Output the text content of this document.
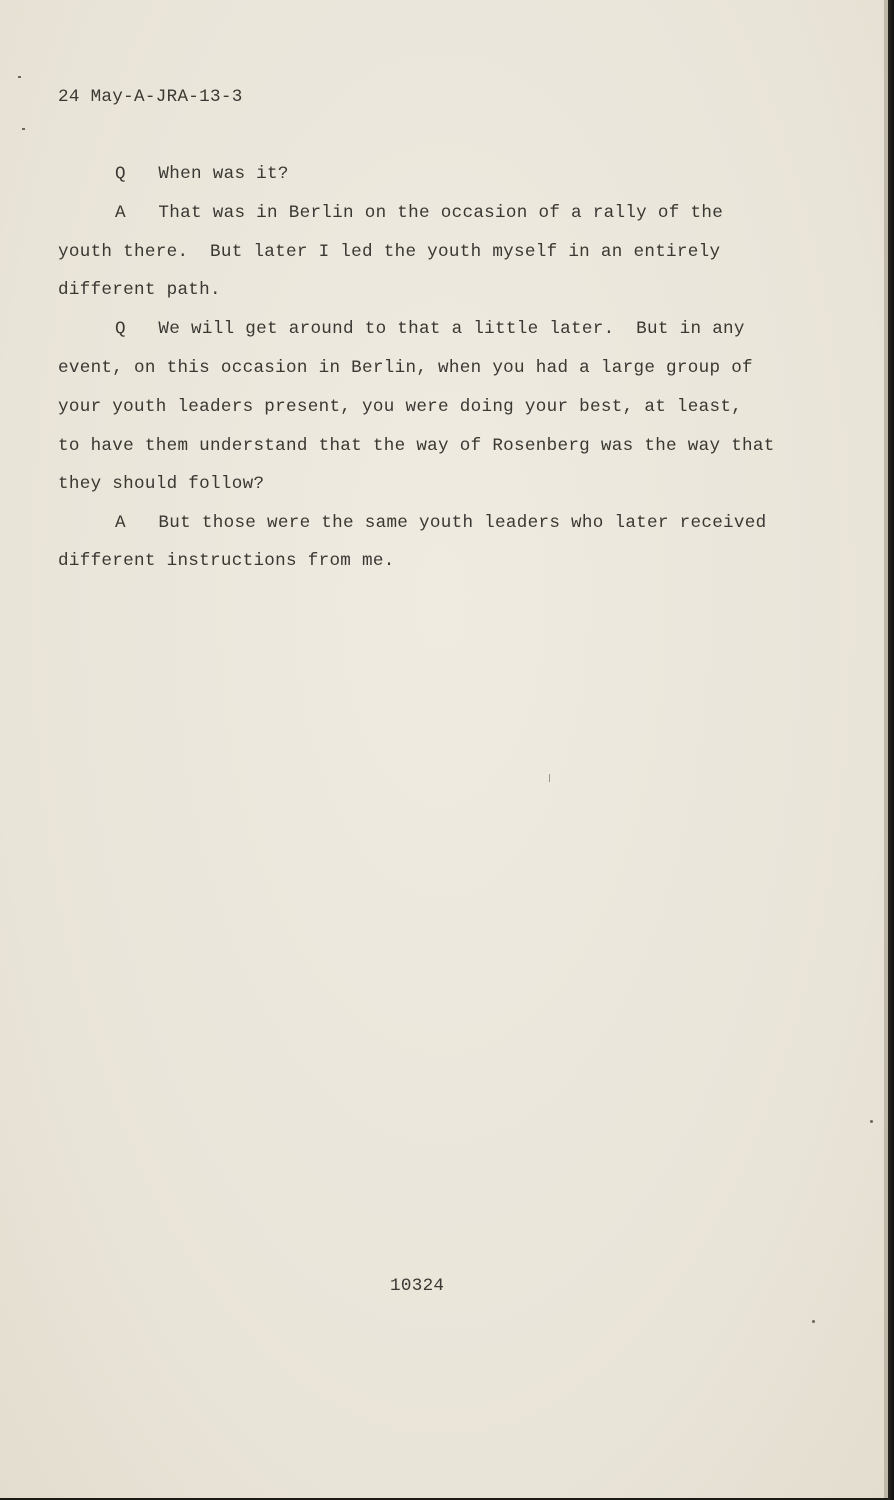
24 May-A-JRA-13-3
Q   When was it?
A   That was in Berlin on the occasion of a rally of the
youth there.  But later I led the youth myself in an entirely
different path.
Q   We will get around to that a little later.  But in any
event, on this occasion in Berlin, when you had a large group of
your youth leaders present, you were doing your best, at least,
to have them understand that the way of Rosenberg was the way that
they should follow?
A   But those were the same youth leaders who later received
different instructions from me.
10324
